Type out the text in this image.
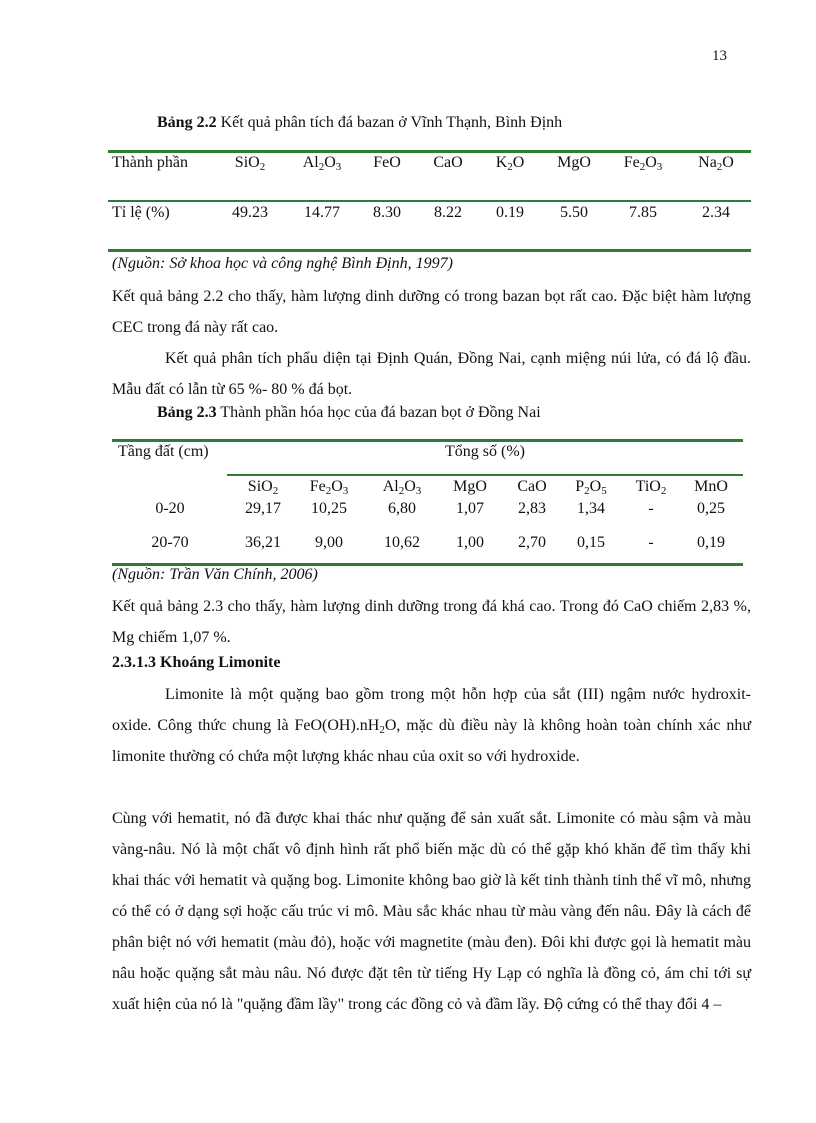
13
Bảng 2.2 Kết quả phân tích đá bazan ở Vĩnh Thạnh, Bình Định
Thành phần	SiO$_2$	$Al_2O_3$	FeO	CaO	$K_2O$	MgO	$Fe_2O_3$	$Na_2O$
Tỉ lệ (%)	49.23	14.77	8.30	8.22	0.19	5.50	7.85	2.34
(Nguồn: Sở khoa học và công nghệ Bình Định, 1997)
Kết quả bảng 2.2 cho thấy, hàm lượng dinh dưỡng có trong bazan bọt rất cao. Đặc biệt hàm lượng CEC trong đá này rất cao.
Kết quả phân tích phẩu diện tại Định Quán, Đồng Nai, cạnh miệng núi lửa, có đá lộ đầu. Mẫu đất có lẫn từ 65 %- 80 % đá bọt.
Bảng 2.3 Thành phần hóa học của đá bazan bọt ở Đồng Nai
Tầng đất (cm)	Tổng số (%)
SiO$_2$	$Fe_2O_3$	$Al_2O_3$	MgO	CaO	$P_2O_5$	TiO$_2$	MnO
0-20	29,17	10,25	6,80	1,07	2,83	1,34	-	0,25
20-70	36,21	9,00	10,62	1,00	2,70	0,15	-	0,19
(Nguồn: Trần Văn Chính, 2006)
Kết quả bảng 2.3 cho thấy, hàm lượng dinh dưỡng trong đá khá cao. Trong đó CaO chiếm 2,83 %, Mg chiếm 1,07 %.
2.3.1.3 Khoáng Limonite
Limonite là một quặng bao gồm trong một hỗn hợp của sắt (III) ngậm nước hydroxit-oxide. Công thức chung là $FeO(OH).nH_2O$, mặc dù điều này là không hoàn toàn chính xác như limonite thường có chứa một lượng khác nhau của oxit so với hydroxide.
Cùng với hematit, nó đã được khai thác như quặng để sản xuất sắt. Limonite có màu sậm và màu vàng-nâu. Nó là một chất vô định hình rất phổ biến mặc dù có thể gặp khó khăn để tìm thấy khi khai thác với hematit và quặng bog. Limonite không bao giờ là kết tinh thành tinh thể vĩ mô, nhưng có thể có ở dạng sợi hoặc cấu trúc vi mô. Màu sắc khác nhau từ màu vàng đến nâu. Đây là cách để phân biệt nó với hematit (màu đỏ), hoặc với magnetite (màu đen). Đôi khi được gọi là hematit màu nâu hoặc quặng sắt màu nâu. Nó được đặt tên từ tiếng Hy Lạp có nghĩa là đồng cỏ, ám chỉ tới sự xuất hiện của nó là "quặng đầm lầy" trong các đồng cỏ và đầm lầy. Độ cứng có thể thay đổi 4 –
